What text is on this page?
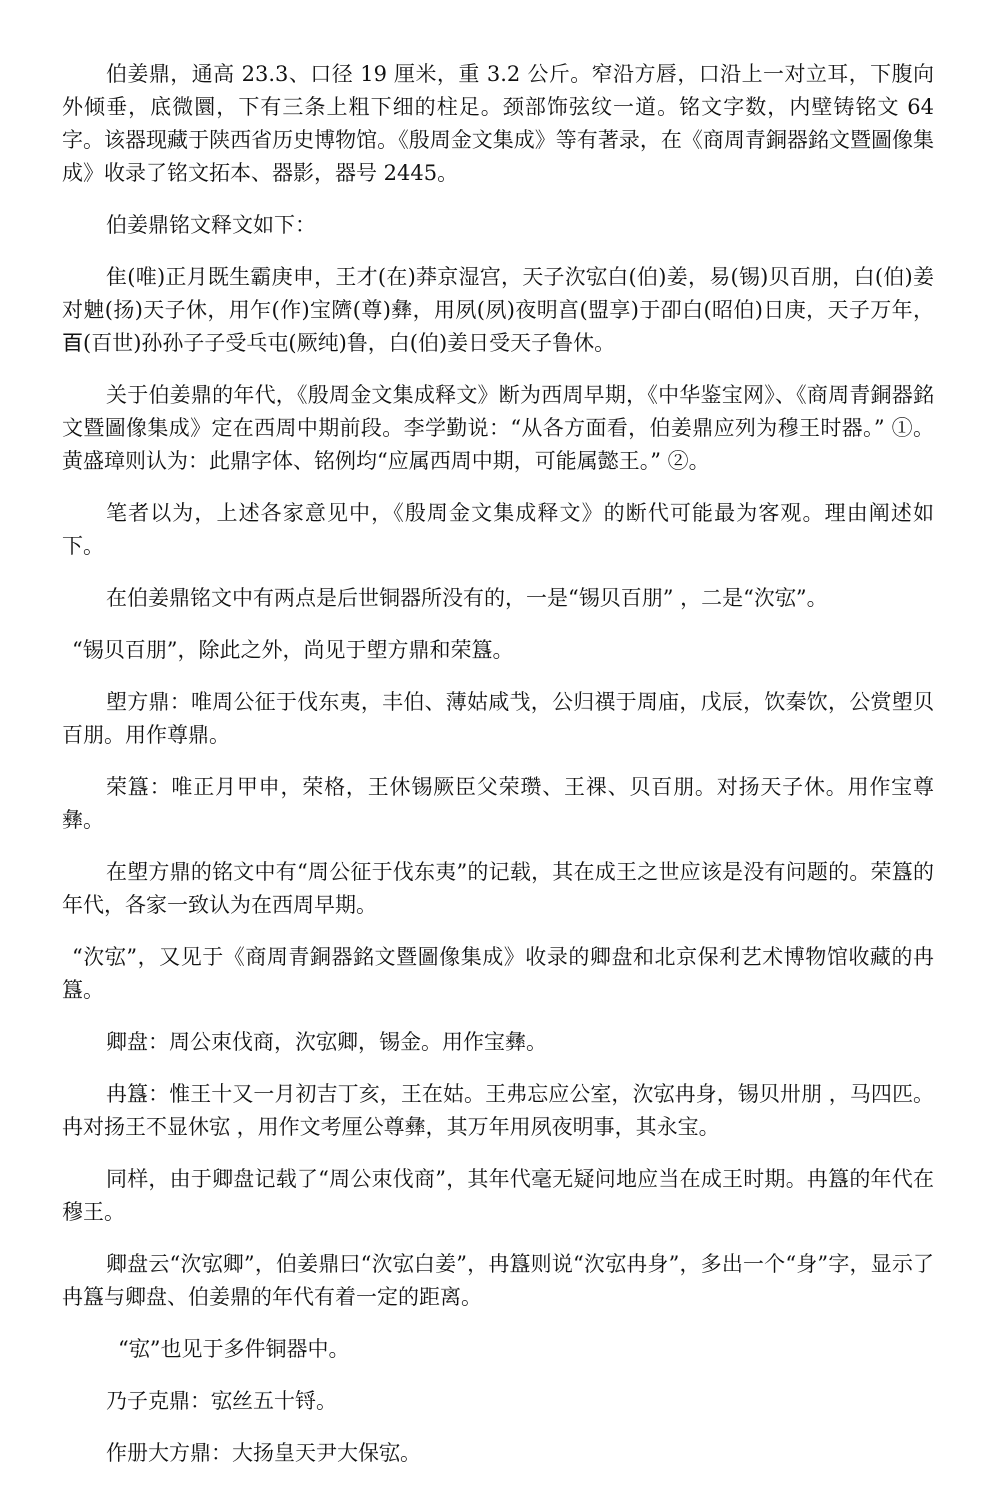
伯姜鼎，通高 23.3、口径 19 厘米，重 3.2 公斤。窄沿方唇，口沿上一对立耳，下腹向外倾垂，底微圜，下有三条上粗下细的柱足。颈部饰弦纹一道。铭文字数，内壁铸铭文 64 字。该器现藏于陕西省历史博物馆。《殷周金文集成》等有著录，在《商周青銅器銘文暨圖像集成》收录了铭文拓本、器影，器号 2445。

伯姜鼎铭文释文如下：

隹(唯)正月既生霸庚申，王才(在)莽京湿宫，天子㳄宖白(伯)姜，易(锡)贝百朋，白(伯)姜对䰠(扬)天子休，用乍(作)宝隮(尊)彝，用夙(夙)夜明亯(盟享)于卲白(昭伯)日庚，天子万年，𦣻(百世)孙孙子子受乓屯(厥纯)鲁，白(伯)姜日受天子鲁休。

关于伯姜鼎的年代，《殷周金文集成释文》断为西周早期，《中华鉴宝网》、《商周青銅器銘文暨圖像集成》定在西周中期前段。李学勤说：“从各方面看，伯姜鼎应列为穆王时器。” ①。黄盛璋则认为：此鼎字体、铭例均“应属西周中期，可能属懿王。” ②。

笔者以为，上述各家意见中，《殷周金文集成释文》的断代可能最为客观。理由阐述如下。

在伯姜鼎铭文中有两点是后世铜器所没有的，一是“锡贝百朋” ，二是“㳄宖”。

“锡贝百朋”，除此之外，尚见于塱方鼎和荣簋。

塱方鼎：唯周公征于伐东夷，丰伯、薄姑咸𢦏，公归禩于周庙，戊辰，饮秦饮，公赏塱贝百朋。用作尊鼎。

荣簋：唯正月甲申，荣格，王休锡厥臣父荣瓒、王祼、贝百朋。对扬天子休。用作宝尊彝。

在塱方鼎的铭文中有“周公征于伐东夷”的记载，其在成王之世应该是没有问题的。荣簋的年代，各家一致认为在西周早期。

“㳄宖”，又见于《商周青銅器銘文暨圖像集成》收录的卿盘和北京保利艺术博物馆收藏的冉簋。

卿盘：周公朿伐商，㳄宖卿，锡金。用作宝彝。

冉簋：惟王十又一月初吉丁亥，王在姑。王弗忘应公室，㳄宖冉身，锡贝卅朋 ，马四匹。冉对扬王不显休宖 ，用作文考厘公尊彝，其万年用夙夜明事，其永宝。

同样，由于卿盘记载了“周公朿伐商”，其年代毫无疑问地应当在成王时期。冉簋的年代在穆王。

卿盘云“㳄宖卿”，伯姜鼎曰“㳄宖白姜”，冉簋则说“㳄宖冉身”，多出一个“身”字，显示了冉簋与卿盘、伯姜鼎的年代有着一定的距离。

“宖”也见于多件铜器中。

乃子克鼎：宖丝五十锊。

作册大方鼎：大扬皇天尹大保宖。
